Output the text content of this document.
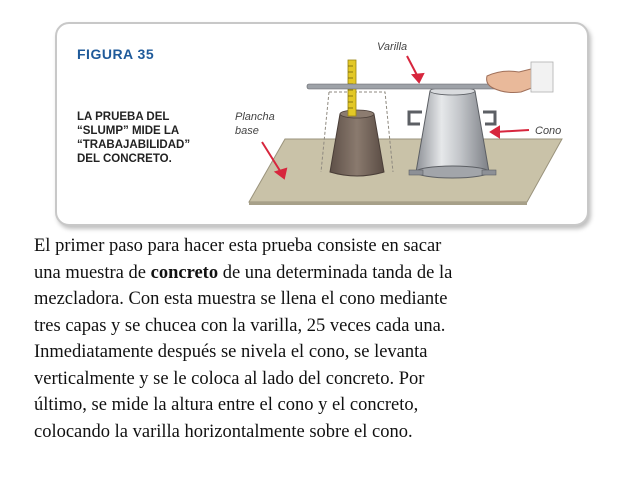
FIGURA 35
LA PRUEBA DEL
“SLUMP” MIDE LA
“TRABAJABILIDAD”
DEL CONCRETO.
Varilla
Plancha
base	Cono
El primer paso para hacer esta prueba consiste en sacar
una muestra de concreto de una determinada tanda de la
mezcladora. Con esta muestra se llena el cono mediante
tres capas y se chucea con la varilla, 25 veces cada una.
Inmediatamente después se nivela el cono, se levanta
verticalmente y se le coloca al lado del concreto. Por
último, se mide la altura entre el cono y el concreto,
colocando la varilla horizontalmente sobre el cono.
